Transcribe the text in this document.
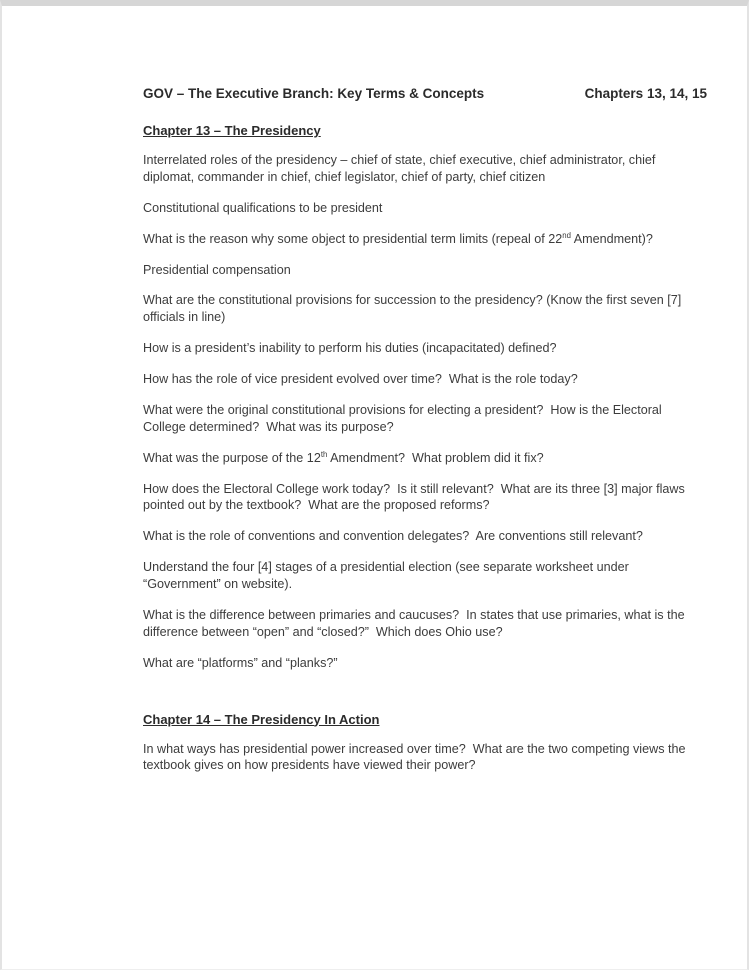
GOV – The Executive Branch: Key Terms & Concepts	Chapters 13, 14, 15
Chapter 13 – The Presidency

Interrelated roles of the presidency – chief of state, chief executive, chief administrator, chief diplomat, commander in chief, chief legislator, chief of party, chief citizen

Constitutional qualifications to be president

What is the reason why some object to presidential term limits (repeal of 22nd Amendment)?

Presidential compensation

What are the constitutional provisions for succession to the presidency? (Know the first seven [7] officials in line)

How is a president’s inability to perform his duties (incapacitated) defined?

How has the role of vice president evolved over time?  What is the role today?

What were the original constitutional provisions for electing a president?  How is the Electoral College determined?  What was its purpose?

What was the purpose of the 12th Amendment?  What problem did it fix?

How does the Electoral College work today?  Is it still relevant?  What are its three [3] major flaws pointed out by the textbook?  What are the proposed reforms?

What is the role of conventions and convention delegates?  Are conventions still relevant?

Understand the four [4] stages of a presidential election (see separate worksheet under “Government” on website).

What is the difference between primaries and caucuses?  In states that use primaries, what is the difference between “open” and “closed?”  Which does Ohio use?

What are “platforms” and “planks?”

Chapter 14 – The Presidency In Action

In what ways has presidential power increased over time?  What are the two competing views the textbook gives on how presidents have viewed their power?
